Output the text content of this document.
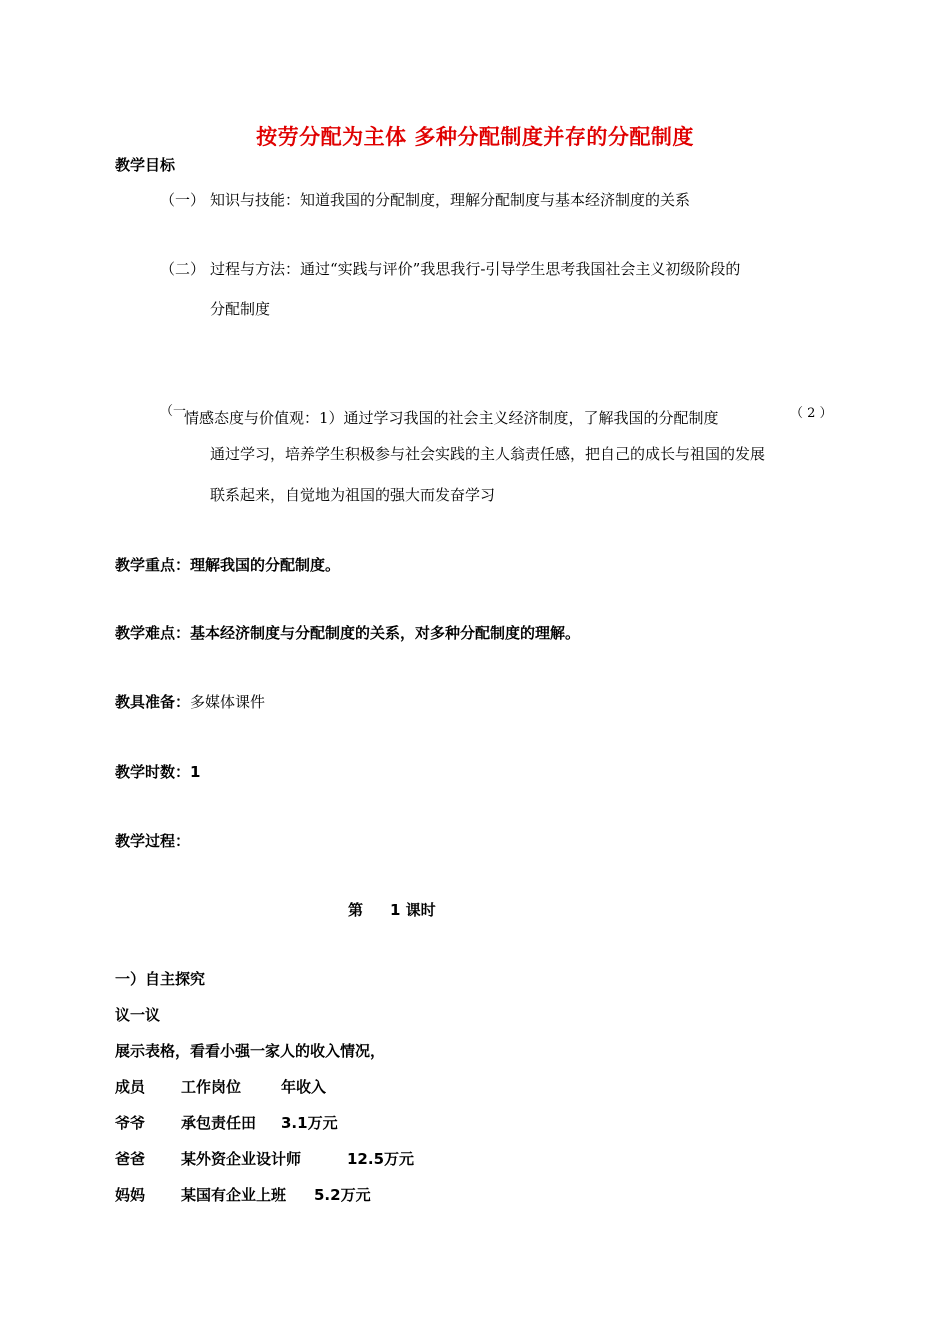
按劳分配为主体 多种分配制度并存的分配制度
教学目标
（一） 知识与技能：知道我国的分配制度，理解分配制度与基本经济制度的关系
（二） 过程与方法：通过“实践与评价”我思我行-引导学生思考我国社会主义初级阶段的
分配制度
（一
情感态度与价值观：1）通过学习我国的社会主义经济制度，了解我国的分配制度	（ 2 ）
通过学习，培养学生积极参与社会实践的主人翁责任感，把自己的成长与祖国的发展
联系起来，自觉地为祖国的强大而发奋学习
教学重点：理解我国的分配制度。
教学难点：基本经济制度与分配制度的关系，对多种分配制度的理解。
教具准备：多媒体课件
教学时数：1
教学过程：
第 1 课时
一）自主探究
议一议
展示表格，看看小强一家人的收入情况，
成员 工作岗位	年收入
爷爷 承包责任田 3.1万元
爸爸 某外资企业设计师	12.5万元
妈妈 某国有企业上班 5.2万元
